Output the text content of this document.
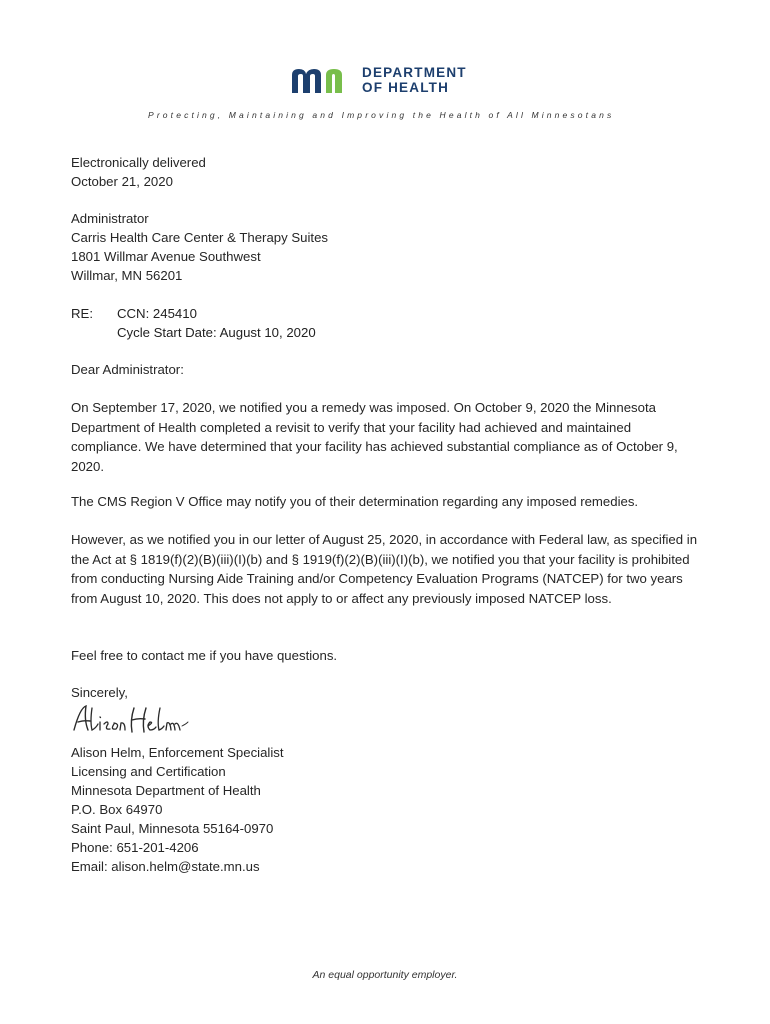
DEPARTMENT
OF HEALTH
Protecting, Maintaining and Improving the Health of All Minnesotans
Electronically delivered
October 21, 2020
Administrator
Carris Health Care Center & Therapy Suites
1801 Willmar Avenue Southwest
Willmar, MN 56201
RE: CCN: 245410
Cycle Start Date: August 10, 2020
Dear Administrator:
On September 17, 2020, we notified you a remedy was imposed. On October 9, 2020 the Minnesota Department of Health completed a revisit to verify that your facility had achieved and maintained compliance. We have determined that your facility has achieved substantial compliance as of October 9, 2020.
The CMS Region V Office may notify you of their determination regarding any imposed remedies.
However, as we notified you in our letter of August 25, 2020, in accordance with Federal law, as specified in the Act at § 1819(f)(2)(B)(iii)(I)(b) and § 1919(f)(2)(B)(iii)(I)(b), we notified you that your facility is prohibited from conducting Nursing Aide Training and/or Competency Evaluation Programs (NATCEP) for two years from August 10, 2020. This does not apply to or affect any previously imposed NATCEP loss.
Feel free to contact me if you have questions.
Sincerely,
Alison Helm, Enforcement Specialist
Licensing and Certification
Minnesota Department of Health
P.O. Box 64970
Saint Paul, Minnesota 55164-0970
Phone: 651-201-4206
Email: alison.helm@state.mn.us
An equal opportunity employer.
